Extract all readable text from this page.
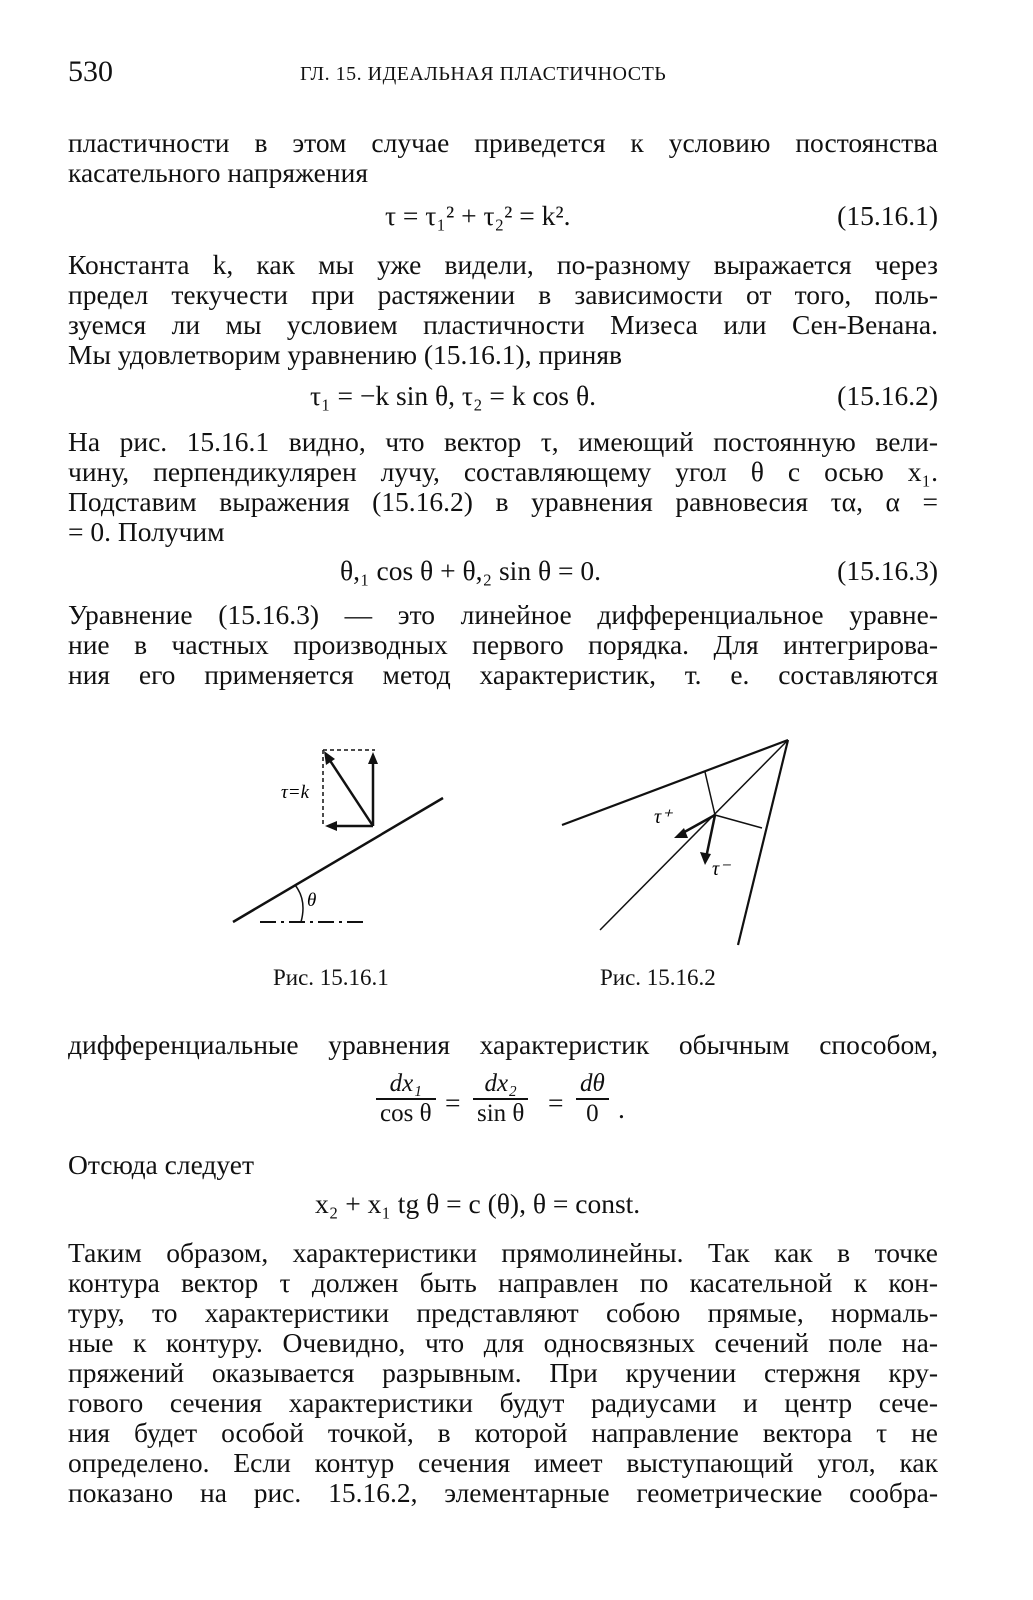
530	ГЛ. 15. ИДЕАЛЬНАЯ ПЛАСТИЧНОСТЬ
пластичности в этом случае приведется к условию постоянства
касательного напряжения
τ = τ₁² + τ₂² = k².	(15.16.1)
Константа k, как мы уже видели, по-разному выражается через
предел текучести при растяжении в зависимости от того, поль-
зуемся ли мы условием пластичности Мизеса или Сен-Венана.
Мы удовлетворим уравнению (15.16.1), приняв
τ₁ = −k sin θ, τ₂ = k cos θ.	(15.16.2)
На рис. 15.16.1 видно, что вектор τ, имеющий постоянную вели-
чину, перпендикулярен лучу, составляющему угол θ с осью x₁.
Подставим выражения (15.16.2) в уравнения равновесия τα, α =
= 0. Получим
θ,₁ cos θ + θ,₂ sin θ = 0.	(15.16.3)
Уравнение (15.16.3) — это линейное дифференциальное уравне-
ние в частных производных первого порядка. Для интегрирова-
ния его применяется метод характеристик, т. е. составляются
τ=k
θ
Рис. 15.16.1
τ⁺
τ⁻
Рис. 15.16.2
дифференциальные уравнения характеристик обычным способом,
$\frac{\text{dx₁}}{\text{cos θ}} = \frac{\text{dx₂}}{\text{sin θ}} = \frac{d\theta}{0}$ .
Отсюда следует
x₂ + x₁ tg θ = c (θ), θ = const.
Таким образом, характеристики прямолинейны. Так как в точке
контура вектор τ должен быть направлен по касательной к кон-
туру, то характеристики представляют собою прямые, нормаль-
ные к контуру. Очевидно, что для односвязных сечений поле на-
пряжений оказывается разрывным. При кручении стержня кру-
гового сечения характеристики будут радиусами и центр сече-
ния будет особой точкой, в которой направление вектора τ не
определено. Если контур сечения имеет выступающий угол, как
показано на рис. 15.16.2, элементарные геометрические сообра-
